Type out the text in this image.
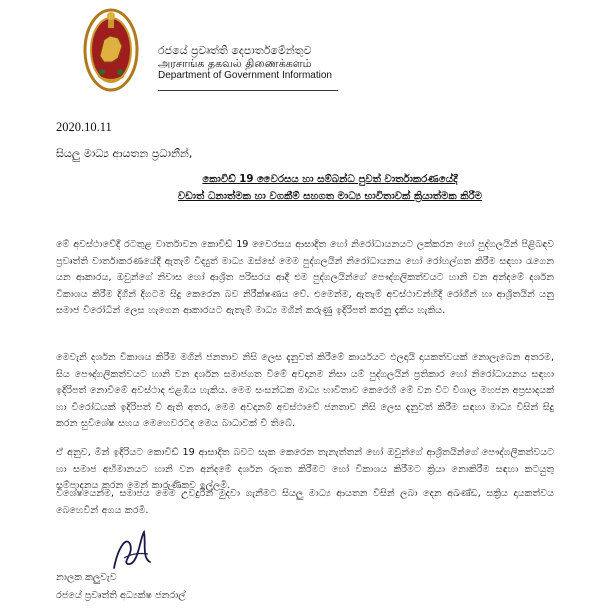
රජයේ ප්‍රවෘත්ති දෙපාර්තමේන්තුව
அரசாங்க தகவல் திணைக்களம்
Department of Government Information
2020.10.11
සියලු මාධ්‍ය ආයතන ප්‍රධානීන්,
කොවිඩ් 19 වෛරසය හා සම්බන්ධ පුවත් වාර්තාකරණයේදී
වඩාත් ධනාත්මක හා වගකීම් සහගත මාධ්‍ය භාවිතාවක් ක්‍රියාත්මක කිරීම
මේ අවස්ථාවේදී රටතුළ වාර්තාවන කොවිඩ් 19 වෛරසය ආසාදිත හෝ නිරෝධායනයට ලක්කරන හෝ පුද්ගලයින් පිළිබඳව ප්‍රවෘත්ති වාර්තාකරණයේදී ඇතැම් විද්‍යුත් මාධ්‍ය ඔස්සේ මෙම පුද්ගලයින් නිරෝධායනය හෝ රෝහල්ගත කිරීම සඳහා රැගෙන යන ආකාරය, ඔවුන්ගේ නිවාස හෝ ආශ්‍රිත පරිසරය ආදී එම පුද්ගලයින්ගේ පෞද්ගලිකත්වයට හානි වන අන්දමේ දර්ශන විකාශය කිරීම දිගින් දිගටම සිදු කෙරෙන බව නිරීක්ෂණය වේ. එමෙන්ම, ඇතැම් අවස්ථාවන්හිදී රෝගීන් හා ආශ්‍රිතයින් යනු සමාජ විරෝධීන් ලෙස හැගෙන ආකාරයට ඇතැම් මාධ්‍ය මගින් කරුණු ඉදිරිපත් කරනු දැකිය හැකිය.
මෙවැනි දර්ශන විකාශය කිරීම මගින් ජනතාව නිසි ලෙස දැනුවත් කිරීමේ කාර්යයට ඵලදායි දායකත්වයක් නොලැබෙන අතරම, සිය පෞද්ගලිකත්වයට හානි වන දර්ශන සමාජගත වීමේ අවදානම නිසා යම් පුද්ගලයින් ප්‍රතිකාර හෝ නිරෝධායනය සඳහා ඉදිරිපත් නොවීමේ අවස්ථාද එළඹිය හැකිය. මෙම සංසන්ධක මාධ්‍ය භාවිතාව කෙරෙහි මේ වන විට විශාල මහජන අප්‍රසාදයක් හා විරෝධයක් ඉදිරිපත් වී ඇති අතර, මෙම අවදානම් අවස්ථාවේ ජනතාව නිසි ලෙස දැනුවත් කිරීම සඳහා මාධ්‍ය විසින් සිදු කරන සුවිශේෂ සහය මෙහෙවරටද මෙය බාධාවක් වී තිබේ.
ඒ අනුව, මින් ඉදිරියට කොවිඩ් 19 ආසාදිත බවට සැක කෙරෙන තැනැත්තන් හෝ ඔවුන්ගේ ආශ්‍රිතයින්ගේ පෞද්ගලිකත්වයට හා සමාජ අභිමානයට හානි වන අන්දමේ දර්ශන රූගත කිරීමට හෝ විකාශය කිරීමට ක්‍රියා නොකිරීම සඳහා කටයුතු සම්පාදනය කරන මෙන් කාරුණිකව ඉල්ලමි.
විශේෂයෙන්ම, සමාජය මෙම උවදුරින් මුදවා ගැනීමට සියලු මාධ්‍ය ආයතන විසින් ලබා දෙන අඛණ්ඩ, සක්‍රිය දායකත්වය බෙහෙවින් අගය කරමි.
නාලක කලුවැව
රජයේ ප්‍රවෘත්ති අධ්‍යක්ෂ ජනරාල්
